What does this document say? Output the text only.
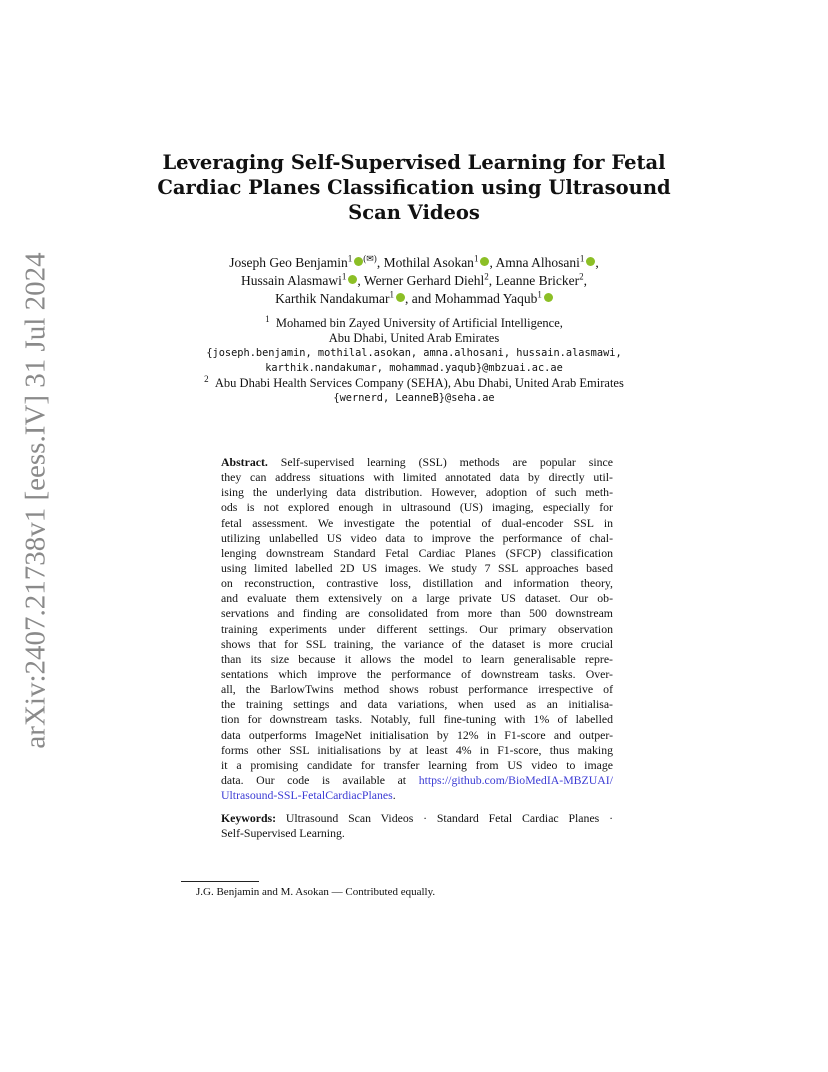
arXiv:2407.21738v1 [eess.IV] 31 Jul 2024
Leveraging Self-Supervised Learning for Fetal
Cardiac Planes Classification using Ultrasound
Scan Videos
Joseph Geo Benjamin$^1$ (✉), Mothilal Asokan$^1$ , Amna Alhosani$^1$ ,
Hussain Alasmawi$^1$ , Werner Gerhard Diehl$^2$, Leanne Bricker$^2$,
Karthik Nandakumar$^1$ , and Mohammad Yaqub$^1$
$^1$ Mohamed bin Zayed University of Artificial Intelligence,
Abu Dhabi, United Arab Emirates
{joseph.benjamin, mothilal.asokan, amna.alhosani, hussain.alasmawi,
karthik.nandakumar, mohammad.yaqub}@mbzuai.ac.ae
$^2$ Abu Dhabi Health Services Company (SEHA), Abu Dhabi, United Arab Emirates
{wernerd, LeanneB}@seha.ae
Abstract. Self-supervised learning (SSL) methods are popular since
they can address situations with limited annotated data by directly util-
ising the underlying data distribution. However, adoption of such meth-
ods is not explored enough in ultrasound (US) imaging, especially for
fetal assessment. We investigate the potential of dual-encoder SSL in
utilizing unlabelled US video data to improve the performance of chal-
lenging downstream Standard Fetal Cardiac Planes (SFCP) classification
using limited labelled 2D US images. We study 7 SSL approaches based
on reconstruction, contrastive loss, distillation and information theory,
and evaluate them extensively on a large private US dataset. Our ob-
servations and finding are consolidated from more than 500 downstream
training experiments under different settings. Our primary observation
shows that for SSL training, the variance of the dataset is more crucial
than its size because it allows the model to learn generalisable repre-
sentations which improve the performance of downstream tasks. Over-
all, the BarlowTwins method shows robust performance irrespective of
the training settings and data variations, when used as an initialisa-
tion for downstream tasks. Notably, full fine-tuning with 1% of labelled
data outperforms ImageNet initialisation by 12% in F1-score and outper-
forms other SSL initialisations by at least 4% in F1-score, thus making
it a promising candidate for transfer learning from US video to image
data. Our code is available at https://github.com/BioMedIA-MBZUAI/
Ultrasound-SSL-FetalCardiacPlanes.
Keywords: Ultrasound Scan Videos · Standard Fetal Cardiac Planes ·
Self-Supervised Learning.
J.G. Benjamin and M. Asokan — Contributed equally.
